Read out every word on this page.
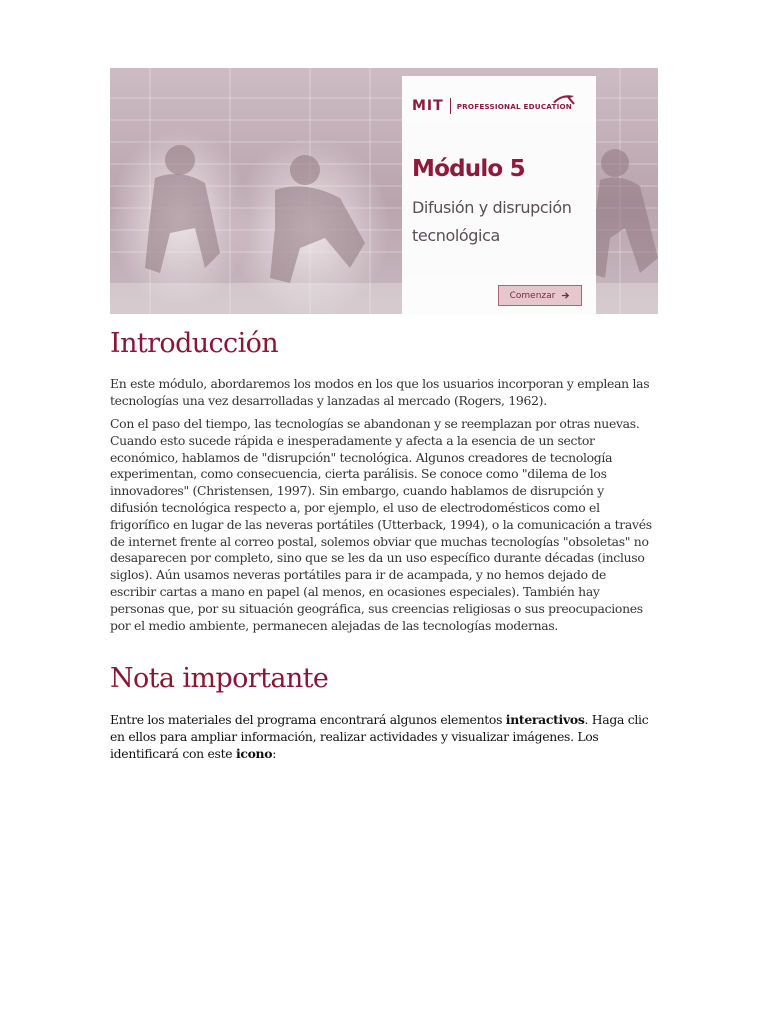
MIT PROFESSIONAL EDUCATION
Módulo 5
Difusión y disrupción tecnológica
Comenzar
Introducción

En este módulo, abordaremos los modos en los que los usuarios incorporan y emplean las tecnologías una vez desarrolladas y lanzadas al mercado (Rogers, 1962).

Con el paso del tiempo, las tecnologías se abandonan y se reemplazan por otras nuevas. Cuando esto sucede rápida e inesperadamente y afecta a la esencia de un sector económico, hablamos de "disrupción" tecnológica. Algunos creadores de tecnología experimentan, como consecuencia, cierta parálisis. Se conoce como "dilema de los innovadores" (Christensen, 1997). Sin embargo, cuando hablamos de disrupción y difusión tecnológica respecto a, por ejemplo, el uso de electrodomésticos como el frigorífico en lugar de las neveras portátiles (Utterback, 1994), o la comunicación a través de internet frente al correo postal, solemos obviar que muchas tecnologías "obsoletas" no desaparecen por completo, sino que se les da un uso específico durante décadas (incluso siglos). Aún usamos neveras portátiles para ir de acampada, y no hemos dejado de escribir cartas a mano en papel (al menos, en ocasiones especiales). También hay personas que, por su situación geográfica, sus creencias religiosas o sus preocupaciones por el medio ambiente, permanecen alejadas de las tecnologías modernas.

Nota importante

Entre los materiales del programa encontrará algunos elementos interactivos. Haga clic en ellos para ampliar información, realizar actividades y visualizar imágenes. Los identificará con este icono:
